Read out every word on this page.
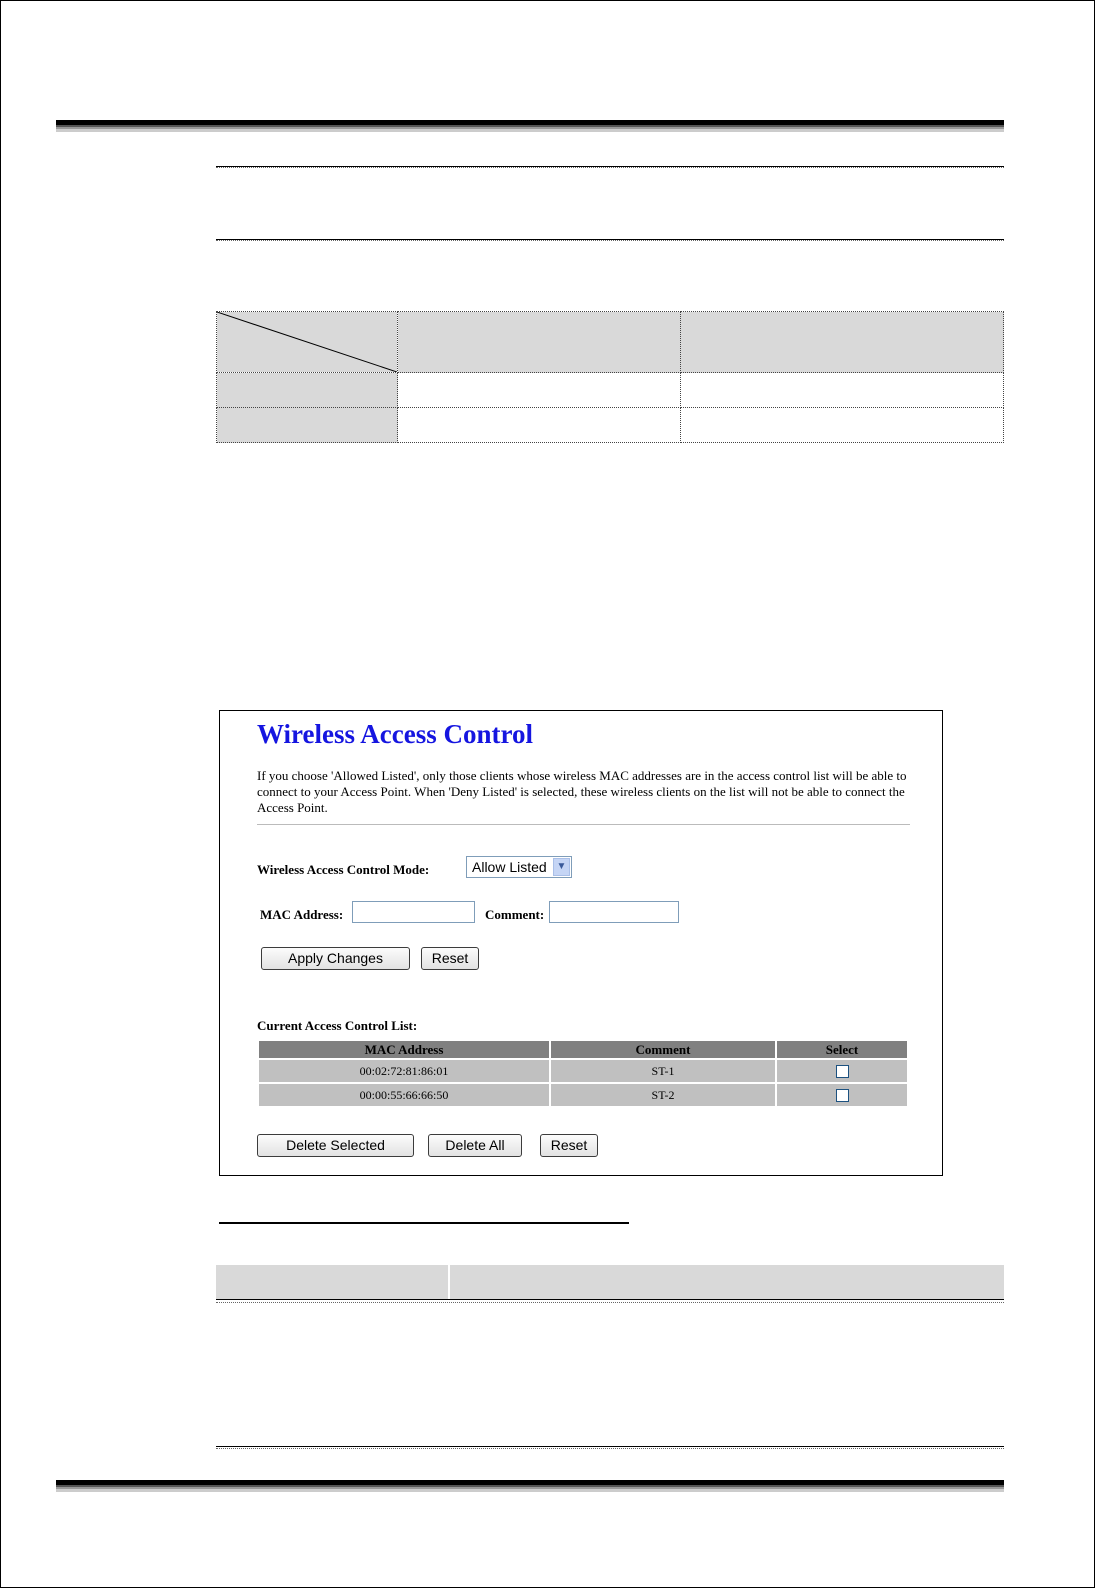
Wireless Access Control
If you choose 'Allowed Listed', only those clients whose wireless MAC addresses are in the access control list will be able to connect to your Access Point. When 'Deny Listed' is selected, these wireless clients on the list will not be able to connect the Access Point.
Wireless Access Control Mode:	Allow Listed ▼
MAC Address:	Comment:
Apply Changes	Reset
Current Access Control List:
MAC Address	Comment	Select
00:02:72:81:86:01	ST-1	
00:00:55:66:66:50	ST-2	
Delete Selected	Delete All	Reset
